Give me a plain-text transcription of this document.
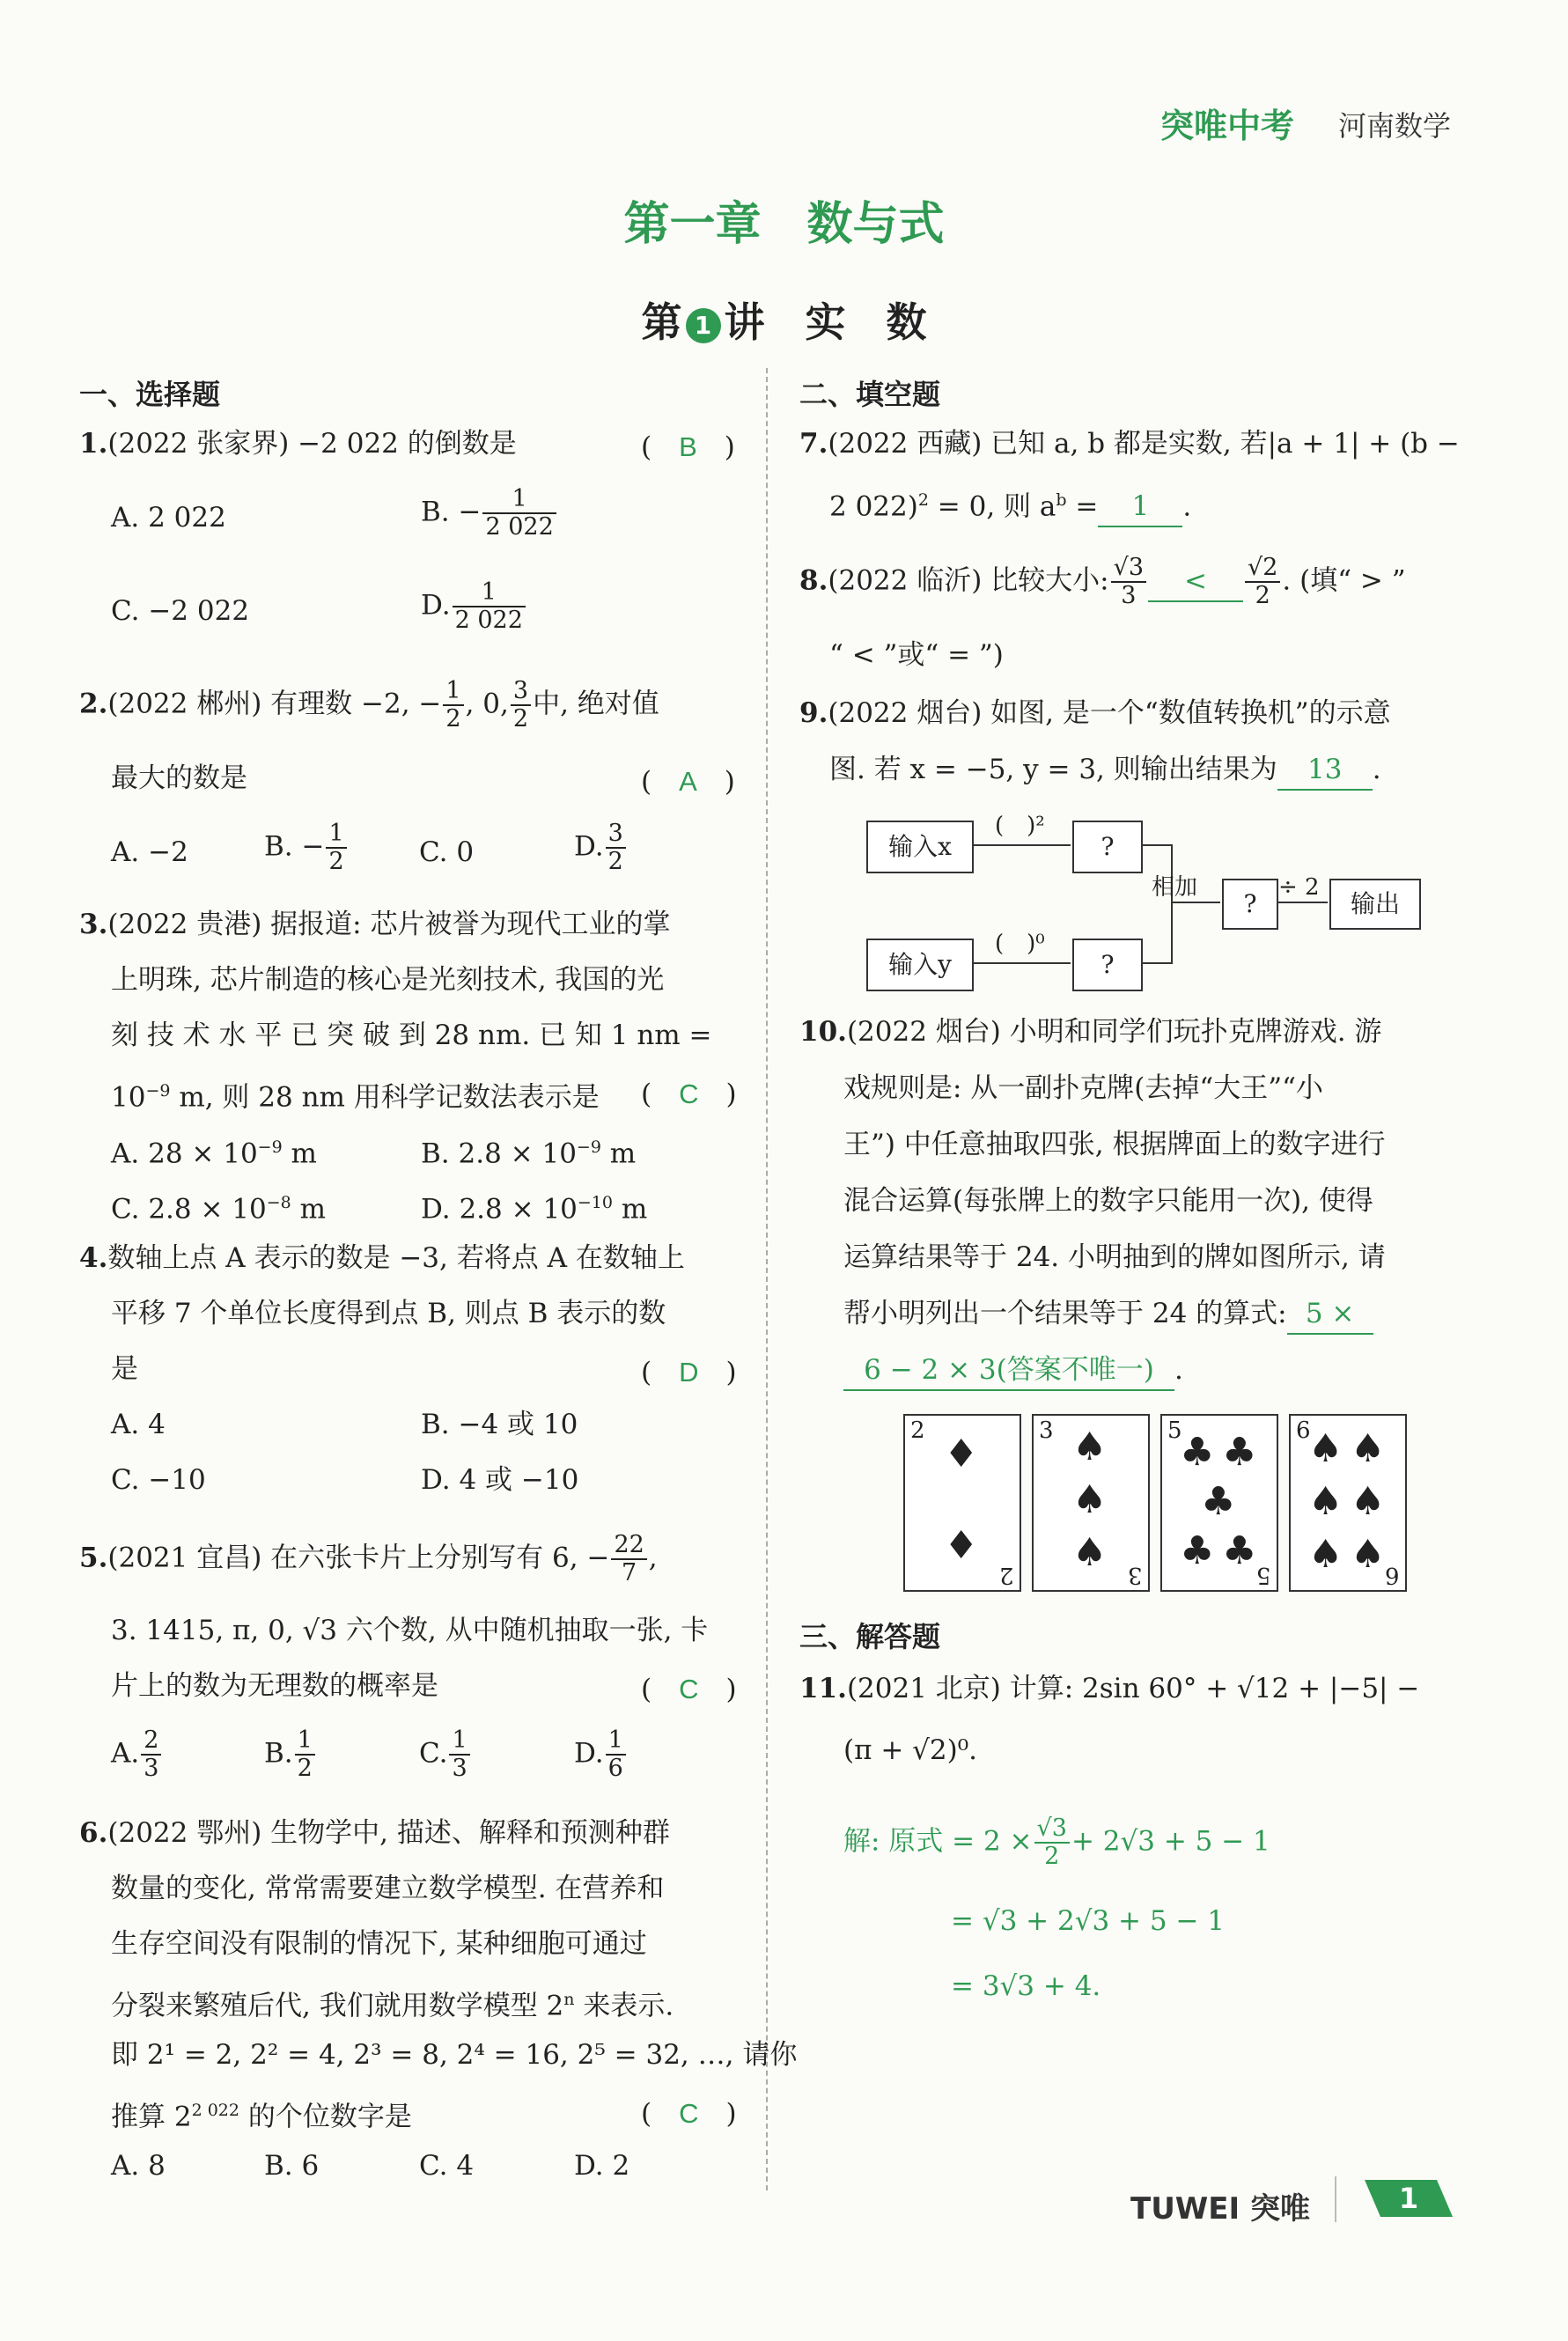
突唯中考 河南数学
第一章　数与式
第 1 讲　实　数
一、选择题
1.(2022 张家界) −2 022 的倒数是	(　B　)
A. 2 022	B. − $\frac{1}{2 022}$
C. −2 022	D. $\frac{1}{2 022}$
2.(2022 郴州) 有理数 −2, − $\frac{1}{2}$ , 0, $\frac{3}{2}$ 中, 绝对值
最大的数是	(　A　)
A. −2	B. − $\frac{1}{2}$	C. 0	D. $\frac{3}{2}$
3.(2022 贵港) 据报道: 芯片被誉为现代工业的掌
上明珠, 芯片制造的核心是光刻技术, 我国的光
刻 技 术 水 平 已 突 破 到 28 nm. 已 知 1 nm =
$10^{-9}$ m, 则 28 nm 用科学记数法表示是 (　C　)
A. $28 \times 10^{-9}$ m	B. $2.8 \times 10^{-9}$ m
C. $2.8 \times 10^{-8}$ m	D. $2.8 \times 10^{-10}$ m
4.数轴上点 A 表示的数是 −3, 若将点 A 在数轴上
平移 7 个单位长度得到点 B, 则点 B 表示的数
是	(　D　)
A. 4	B. −4 或 10
C. −10	D. 4 或 −10
5.(2021 宜昌) 在六张卡片上分别写有 6, − $\frac{22}{7}$ ,
3. 1415, π, 0, √3 六个数, 从中随机抽取一张, 卡
片上的数为无理数的概率是	(　C　)
A. $\frac{2}{3}$	B. $\frac{1}{2}$	C. $\frac{1}{3}$	D. $\frac{1}{6}$
6.(2022 鄂州) 生物学中, 描述、解释和预测种群
数量的变化, 常常需要建立数学模型. 在营养和
生存空间没有限制的情况下, 某种细胞可通过
分裂来繁殖后代, 我们就用数学模型 2$^n$ 来表示.
即 2¹ = 2, 2² = 4, 2³ = 8, 2⁴ = 16, 2⁵ = 32, …, 请你
推算 $2^{2 022}$ 的个位数字是	(　C　)
A. 8	B. 6	C. 4	D. 2
二、填空题
7.(2022 西藏) 已知 a, b 都是实数, 若|a + 1| + (b −
2 022)$^2$ = 0, 则 $a^b = 1$ .
8.(2022 临沂) 比较大小: $\frac{√3}{3} < \frac{√2}{2}$ . (填“ > ”
“ < ”或“ = ”)
9.(2022 烟台) 如图, 是一个“数值转换机”的示意
图. 若 x = −5, y = 3, 则输出结果为 13 .
输入x
(　)²
?
输入y
(　)⁰
?
相加
?
÷ 2
输出
10.(2022 烟台) 小明和同学们玩扑克牌游戏. 游
戏规则是: 从一副扑克牌(去掉“大王”“小
王”) 中任意抽取四张, 根据牌面上的数字进行
混合运算(每张牌上的数字只能用一次), 使得
运算结果等于 24. 小明抽到的牌如图所示, 请
帮小明列出一个结果等于 24 的算式: 5 ×
6 − 2 × 3(答案不唯一) .
2
♦
♦
2
3 ♠
♠
♠ 3
5
♣ ♣
♣
♣ ♣
5
6
♠ ♠
♠ ♠
♠ ♠ 6
三、解答题
11.(2021 北京) 计算: 2sin 60° + √12 + |−5| −
(π + √2)⁰.
解: 原式 = $2 \times \frac{√3}{2} + 2√3 + 5 - 1$
= √3 + 2√3 + 5 − 1
= 3√3 + 4.
TUWEI 突唯	1
